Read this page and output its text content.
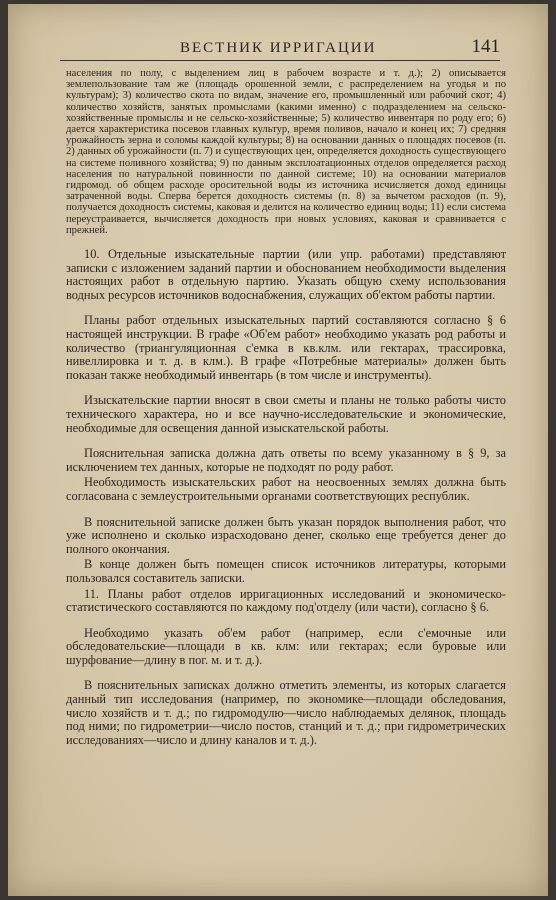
ВЕСТНИК ИРРИГАЦИИ	141

населения по полу, с выделением лиц в рабочем возрасте и т. д.); 2) описывается землепользование там же (площадь орошенной земли, с распределением на угодья и по культурам); 3) количество скота по видам, значение его, промышленный или рабочий скот; 4) количество хозяйств, занятых промыслами (какими именно) с подразделением на сельско-хозяйственные промыслы и не сельско-хозяйственные; 5) количество инвентаря по роду его; 6) дается характеристика посевов главных культур, время поливов, начало и конец их; 7) средняя урожайность зерна и соломы каждой культуры; 8) на основании данных о площадях посевов (п. 2) данных об урожайности (п. 7) и существующих цен, определяется доходность существующего на системе поливного хозяйства; 9) по данным эксплоатационных отделов определяется расход населения по натуральной повинности по данной системе; 10) на основании материалов гидромод. об общем расходе оросительной воды из источника исчисляется доход единицы затраченной воды. Сперва берется доходность системы (п. 8) за вычетом расходов (п. 9), получается доходность системы, каковая и делится на количество единиц воды; 11) если система переустраивается, вычисляется доходность при новых условиях, каковая и сравнивается с прежней.

10. Отдельные изыскательные партии (или упр. работами) представляют записки с изложением заданий партии и обоснованием необходимости выделения настоящих работ в отдельную партию. Указать общую схему использования водных ресурсов источников водоснабжения, служащих об'ектом работы партии.

Планы работ отдельных изыскательных партий составляются согласно § 6 настоящей инструкции. В графе «Об'ем работ» необходимо указать род работы и количество (триангуляционная с'емка в кв.клм. или гектарах, трассировка, нивеллировка и т. д. в клм.). В графе «Потребные материалы» должен быть показан также необходимый инвентарь (в том числе и инструменты).

Изыскательские партии вносят в свои сметы и планы не только работы чисто технического характера, но и все научно-исследовательские и экономические, необходимые для освещения данной изыскательской работы.

Пояснительная записка должна дать ответы по всему указанному в § 9, за исключением тех данных, которые не подходят по роду работ.

Необходимость изыскательских работ на неосвоенных землях должна быть согласована с землеустроительными органами соответствующих республик.

В пояснительной записке должен быть указан порядок выполнения работ, что уже исполнено и сколько израсходовано денег, сколько еще требуется денег до полного окончания.

В конце должен быть помещен список источников литературы, которыми пользовался составитель записки.

11. Планы работ отделов ирригационных исследований и экономическо-статистического составляются по каждому под'отделу (или части), согласно § 6.

Необходимо указать об'ем работ (например, если с'емочные или обследовательские—площади в кв. клм: или гектарах; если буровые или шурфование—длину в пог. м. и т. д.).

В пояснительных записках должно отметить элементы, из которых слагается данный тип исследования (например, по экономике—площади обследования, число хозяйств и т. д.; по гидромодулю—число наблюдаемых делянок, площадь под ними; по гидрометрии—число постов, станций и т. д.; при гидрометрических исследованиях—число и длину каналов и т. д.).
